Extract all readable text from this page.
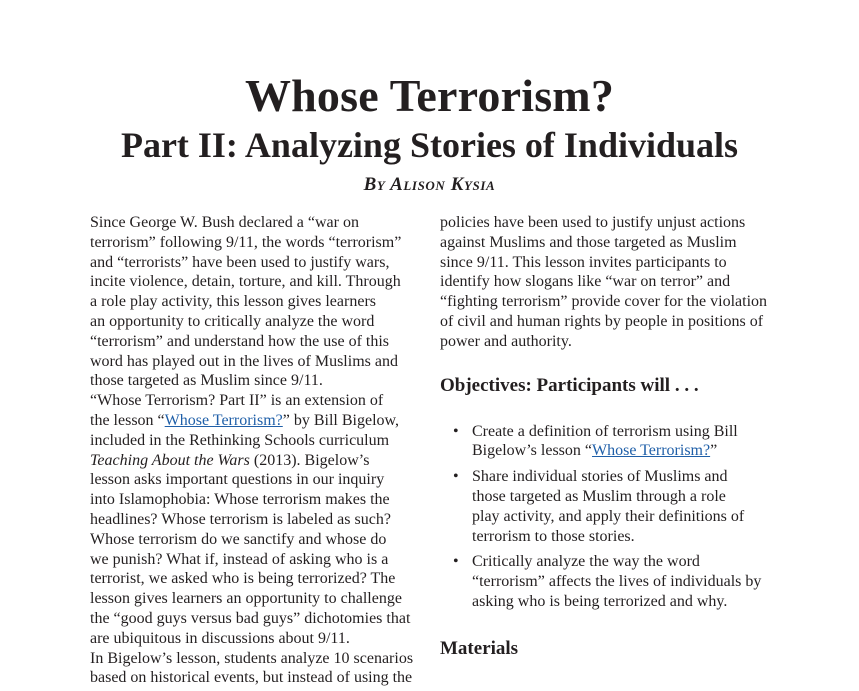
Whose Terrorism?
Part II: Analyzing Stories of Individuals
By Alison Kysia

Since George W. Bush declared a “war on
terrorism” following 9/11, the words “terrorism”
and “terrorists” have been used to justify wars,
incite violence, detain, torture, and kill. Through
a role play activity, this lesson gives learners
an opportunity to critically analyze the word
“terrorism” and understand how the use of this
word has played out in the lives of Muslims and
those targeted as Muslim since 9/11.

“Whose Terrorism? Part II” is an extension of
the lesson “Whose Terrorism?” by Bill Bigelow,
included in the Rethinking Schools curriculum
Teaching About the Wars (2013). Bigelow’s
lesson asks important questions in our inquiry
into Islamophobia: Whose terrorism makes the
headlines? Whose terrorism is labeled as such?
Whose terrorism do we sanctify and whose do
we punish? What if, instead of asking who is a
terrorist, we asked who is being terrorized? The
lesson gives learners an opportunity to challenge
the “good guys versus bad guys” dichotomies that
are ubiquitous in discussions about 9/11.

In Bigelow’s lesson, students analyze 10 scenarios
based on historical events, but instead of using the

policies have been used to justify unjust actions
against Muslims and those targeted as Muslim
since 9/11. This lesson invites participants to
identify how slogans like “war on terror” and
“fighting terrorism” provide cover for the violation
of civil and human rights by people in positions of
power and authority.

Objectives: Participants will . . .
• Create a definition of terrorism using Bill
Bigelow’s lesson “Whose Terrorism?”
• Share individual stories of Muslims and
those targeted as Muslim through a role
play activity, and apply their definitions of
terrorism to those stories.
• Critically analyze the way the word
“terrorism” affects the lives of individuals by
asking who is being terrorized and why.
Materials
